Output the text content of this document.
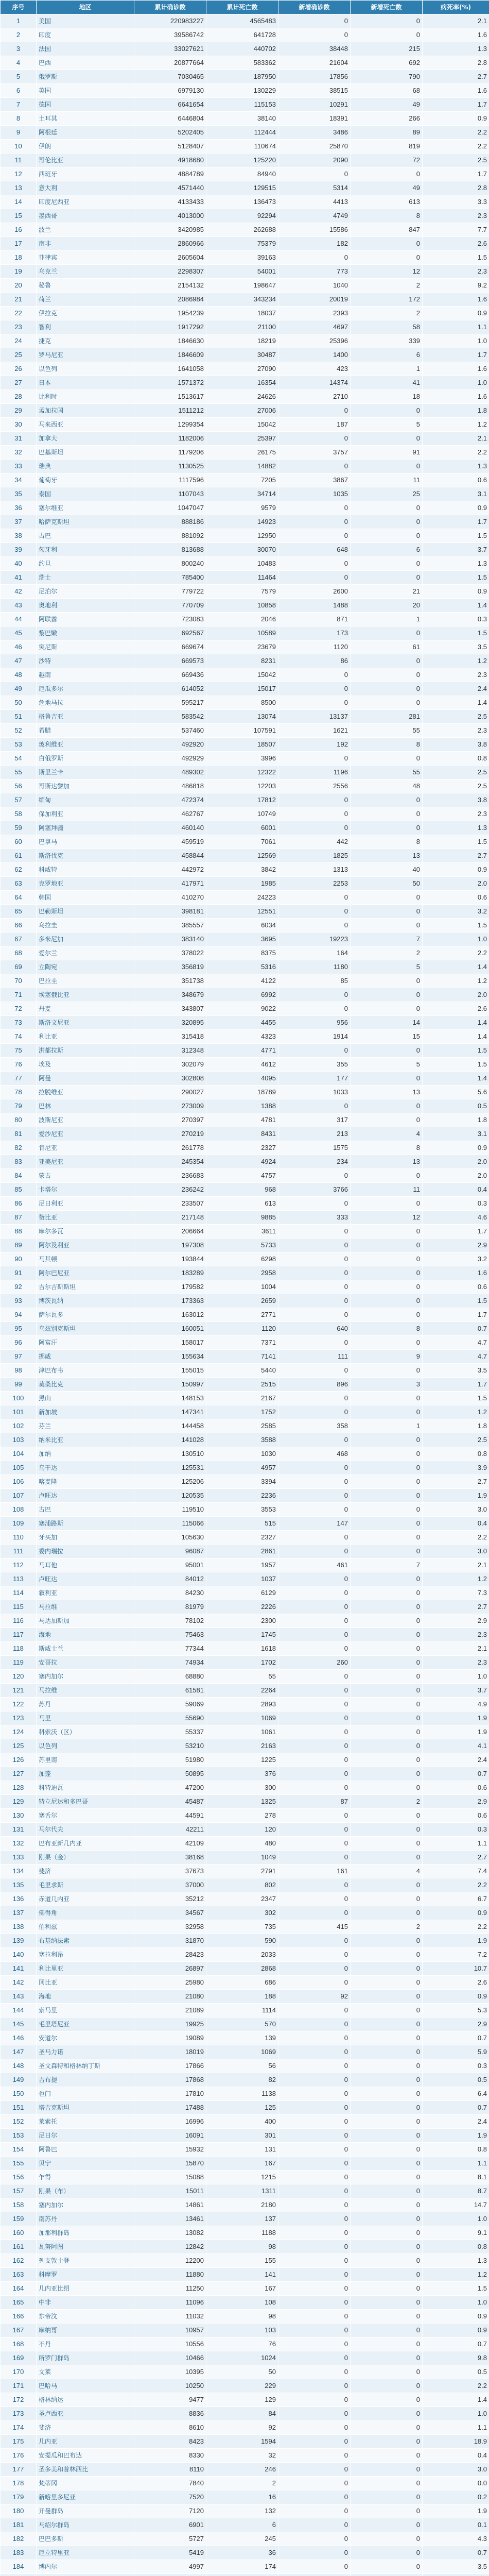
序号	地区	累计确诊数	累计死亡数	新增确诊数	新增死亡数	病死率(%)
1	美国	220983227	4565483	0	0	2.1
2	印度	39586742	641728	0	0	1.6
3	法国	33027621	440702	38448	215	1.3
4	巴西	20877664	583362	21604	692	2.8
5	俄罗斯	7030465	187950	17856	790	2.7
6	英国	6979130	130229	38515	68	1.6
7	德国	6641654	115153	10291	49	1.7
8	土耳其	6446804	38140	18391	266	0.9
9	阿根廷	5202405	112444	3486	89	2.2
10	伊朗	5128407	110674	25870	819	2.2
11	哥伦比亚	4918680	125220	2090	72	2.5
12	西班牙	4884789	84940	0	0	1.7
13	意大利	4571440	129515	5314	49	2.8
14	印度尼西亚	4133433	136473	4413	613	3.3
15	墨西哥	4013000	92294	4749	8	2.3
16	波兰	3420985	262688	15586	847	7.7
17	南非	2860966	75379	182	0	2.6
18	菲律宾	2605604	39163	0	0	1.5
19	乌克兰	2298307	54001	773	12	2.3
20	秘鲁	2154132	198647	1040	2	9.2
21	荷兰	2086984	343234	20019	172	1.6
22	伊拉克	1954239	18037	2393	2	0.9
23	智利	1917292	21100	4697	58	1.1
24	捷克	1846630	18219	25396	339	1.0
25	罗马尼亚	1846609	30487	1400	6	1.7
26	以色列	1641058	27090	423	1	1.6
27	日本	1571372	16354	14374	41	1.0
28	比利时	1513617	24626	2710	18	1.6
29	孟加拉国	1511212	27006	0	0	1.8
30	马来西亚	1299354	15042	187	5	1.2
31	加拿大	1182006	25397	0	0	2.1
32	巴基斯坦	1179206	26175	3757	91	2.2
33	瑞典	1130525	14882	0	0	1.3
34	葡萄牙	1117596	7205	3867	11	0.6
35	泰国	1107043	34714	1035	25	3.1
36	塞尔维亚	1047047	9579	0	0	0.9
37	哈萨克斯坦	888186	14923	0	0	1.7
38	古巴	881092	12950	0	0	1.5
39	匈牙利	813688	30070	648	6	3.7
40	约旦	800240	10483	0	0	1.3
41	瑞士	785400	11464	0	0	1.5
42	尼泊尔	779722	7579	2600	21	0.9
43	奥地利	770709	10858	1488	20	1.4
44	阿联酋	723083	2046	871	1	0.3
45	黎巴嫩	692567	10589	173	0	1.5
46	突尼斯	669674	23679	1120	61	3.5
47	沙特	669573	8231	86	0	1.2
48	越南	669436	15042	0	0	2.3
49	厄瓜多尔	614052	15017	0	0	2.4
50	危地马拉	595217	8500	0	0	1.4
51	格鲁吉亚	583542	13074	13137	281	2.5
52	希腊	537460	107591	1621	55	2.3
53	玻利维亚	492920	18507	192	8	3.8
54	白俄罗斯	492929	3996	0	0	0.8
55	斯里兰卡	489302	12322	1196	55	2.5
56	哥斯达黎加	486818	12203	2556	48	2.5
57	缅甸	472374	17812	0	0	3.8
58	保加利亚	462767	10749	0	0	2.3
59	阿塞拜疆	460140	6001	0	0	1.3
60	巴拿马	459519	7061	442	8	1.5
61	斯洛伐克	458844	12569	1825	13	2.7
62	科威特	442972	3842	1313	40	0.9
63	克罗地亚	417971	1985	2253	50	2.0
64	韩国	410270	24223	0	0	0.6
65	巴勒斯坦	398181	12551	0	0	3.2
66	乌拉圭	385557	6034	0	0	1.5
67	多米尼加	383140	3695	19223	7	1.0
68	爱尔兰	378022	8375	164	2	2.2
69	立陶宛	356819	5316	1180	5	1.4
70	巴拉圭	351738	4122	85	0	1.2
71	埃塞俄比亚	348679	6992	0	0	2.0
72	丹麦	343807	9022	0	0	2.6
73	斯洛文尼亚	320895	4455	956	14	1.4
74	利比亚	315418	4323	1914	15	1.4
75	洪都拉斯	312348	4771	0	0	1.5
76	埃及	302079	4612	355	5	1.5
77	阿曼	302808	4095	177	0	1.4
78	拉脱维亚	290027	18789	1033	13	5.6
79	巴林	273009	1388	0	0	0.5
80	波斯尼亚	270397	4781	317	0	1.8
81	爱沙尼亚	270219	8431	213	4	3.1
82	肯尼亚	261778	2327	1575	8	0.9
83	亚美尼亚	245354	4924	234	13	2.0
84	蒙古	236683	4757	0	0	2.0
85	卡塔尔	236242	968	3766	11	0.4
86	尼日利亚	233507	613	0	0	0.3
87	赞比亚	217148	9885	333	12	4.6
88	摩尔多瓦	206664	3611	0	0	1.7
89	阿尔及利亚	197308	5733	0	0	2.9
90	马其顿	193844	6298	0	0	3.2
91	阿尔巴尼亚	183289	2958	0	0	1.6
92	吉尔吉斯斯坦	179582	1004	0	0	0.6
93	博茨瓦纳	173363	2659	0	0	1.5
94	萨尔瓦多	163012	2771	0	0	1.7
95	乌兹别克斯坦	160051	1120	640	8	0.7
96	阿富汗	158017	7371	0	0	4.7
97	挪威	155634	7141	111	9	4.7
98	津巴布韦	155015	5440	0	0	3.5
99	莫桑比克	150997	2515	896	3	1.7
100	黑山	148153	2167	0	0	1.5
101	新加坡	147341	1752	0	0	1.2
102	芬兰	144458	2585	358	1	1.8
103	纳米比亚	141028	3588	0	0	2.5
104	加纳	130510	1030	468	0	0.8
105	乌干达	125531	4957	0	0	3.9
106	喀麦隆	125206	3394	0	0	2.7
107	卢旺达	120535	2236	0	0	1.9
108	古巴	119510	3553	0	0	3.0
109	塞浦路斯	115066	515	147	0	0.4
110	牙买加	105630	2327	0	0	2.2
111	委内瑞拉	96087	2861	0	0	3.0
112	马耳他	95001	1957	461	7	2.1
113	卢旺达	84012	1037	0	0	1.2
114	叙利亚	84230	6129	0	0	7.3
115	马拉维	81979	2226	0	0	2.7
116	马达加斯加	78102	2300	0	0	2.9
117	海地	75463	1745	0	0	2.3
118	斯威士兰	77344	1618	0	0	2.1
119	安哥拉	74934	1702	260	0	2.3
120	塞内加尔	68880	55	0	0	1.0
121	马拉维	61581	2264	0	0	3.7
122	苏丹	59069	2893	0	0	4.9
123	马里	55690	1069	0	0	1.9
124	科索沃（区）	55337	1061	0	0	1.9
125	以色列	53210	2163	0	0	4.1
126	苏里南	51980	1225	0	0	2.4
127	加蓬	50895	376	0	0	0.7
128	科特迪瓦	47200	300	0	0	0.6
129	特立尼达和多巴哥	45487	1325	87	2	2.9
130	塞舌尔	44591	278	0	0	0.6
131	马尔代夫	42211	120	0	0	0.3
132	巴布亚新几内亚	42109	480	0	0	1.1
133	刚果（金）	38168	1049	0	0	2.7
134	斐济	37673	2791	161	4	7.4
135	毛里求斯	37000	802	0	0	2.2
136	赤道几内亚	35212	2347	0	0	6.7
137	佛得角	34567	302	0	0	0.9
138	伯利兹	32958	735	415	2	2.2
139	布基纳法索	31870	590	0	0	1.9
140	塞拉利昂	28423	2033	0	0	7.2
141	利比里亚	26897	2868	0	0	10.7
142	冈比亚	25980	686	0	0	2.6
143	海地	21080	188	92	0	0.9
144	索马里	21089	1114	0	0	5.3
145	毛里塔尼亚	19925	570	0	0	2.9
146	安道尔	19089	139	0	0	0.7
147	圣马力诺	18019	1069	0	0	5.9
148	圣文森特和格林纳丁斯	17866	56	0	0	0.3
149	吉布提	17868	82	0	0	0.5
150	也门	17810	1138	0	0	6.4
151	塔吉克斯坦	17488	125	0	0	0.7
152	莱索托	16996	400	0	0	2.4
153	尼日尔	16091	301	0	0	1.9
154	阿鲁巴	15932	131	0	0	0.8
155	贝宁	15870	167	0	0	1.1
156	乍得	15088	1215	0	0	8.1
157	刚果（布）	15011	1311	0	0	8.7
158	塞内加尔	14861	2180	0	0	14.7
159	南苏丹	13461	137	0	0	1.0
160	加那利群岛	13082	1188	0	0	9.1
161	瓦努阿图	12842	98	0	0	0.8
162	列支敦士登	12200	155	0	0	1.3
163	科摩罗	11880	141	0	0	1.2
164	几内亚比绍	11250	167	0	0	1.5
165	中非	11096	108	0	0	1.0
166	东帝汶	11032	98	0	0	0.9
167	摩纳哥	10957	103	0	0	0.9
168	不丹	10556	76	0	0	0.7
169	所罗门群岛	10466	1024	0	0	9.8
170	文莱	10395	50	0	0	0.5
171	巴哈马	10250	229	0	0	2.2
172	格林纳达	9477	129	0	0	1.4
173	圣卢西亚	8836	84	0	0	1.0
174	斐济	8610	92	0	0	1.1
175	几内亚	8423	1594	0	0	18.9
176	安提瓜和巴布达	8330	32	0	0	0.4
177	圣多美和普林西比	8110	246	0	0	3.0
178	梵蒂冈	7840	2	0	0	0.0
179	新喀里多尼亚	7520	16	0	0	0.2
180	开曼群岛	7120	132	0	0	1.9
181	马绍尔群岛	6901	6	0	0	0.1
182	巴巴多斯	5727	245	0	0	4.3
183	厄立特里亚	5419	36	0	0	0.7
184	博内尔	4997	174	0	0	3.5
